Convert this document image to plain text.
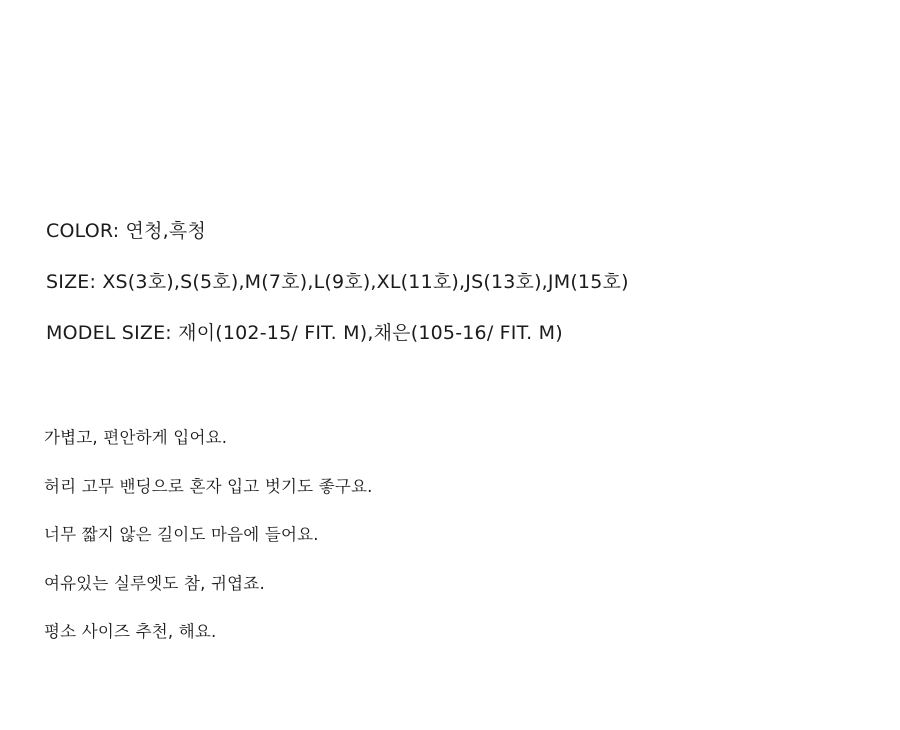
COLOR: 연청,흑청
SIZE: XS(3호),S(5호),M(7호),L(9호),XL(11호),JS(13호),JM(15호)
MODEL SIZE: 재이(102-15/ FIT. M),채은(105-16/ FIT. M)
가볍고, 편안하게 입어요.
허리 고무 밴딩으로 혼자 입고 벗기도 좋구요.
너무 짧지 않은 길이도 마음에 들어요.
여유있는 실루엣도 참, 귀엽죠.
평소 사이즈 추천, 해요.
